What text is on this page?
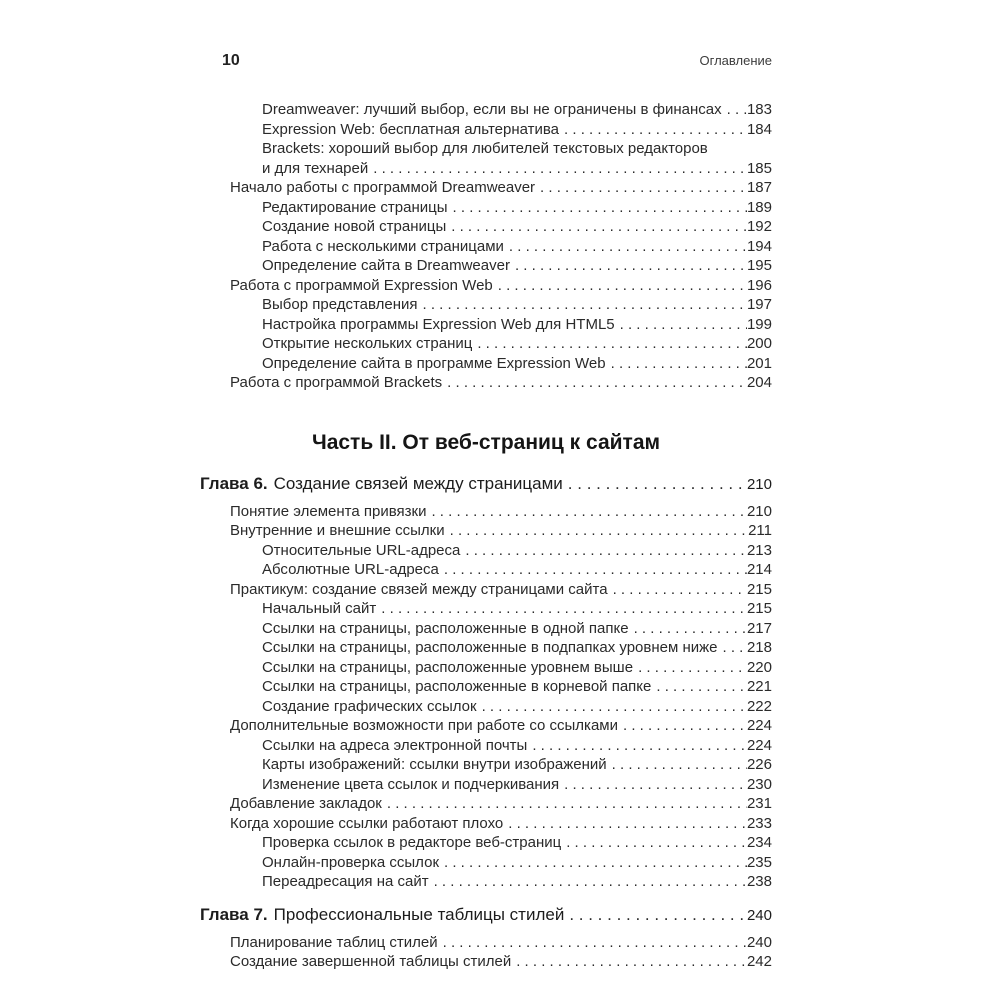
10	Оглавление
Dreamweaver: лучший выбор, если вы не ограничены в финансах . . . 183
Expression Web: бесплатная альтернатива . . .	184
Brackets: хороший выбор для любителей текстовых редакторов
и для технарей . . .	185
Начало работы с программой Dreamweaver . . .	187
Редактирование страницы . . .	189
Создание новой страницы . . .	192
Работа с несколькими страницами . . .	194
Определение сайта в Dreamweaver . . .	195
Работа с программой Expression Web . . .	196
Выбор представления . . .	197
Настройка программы Expression Web для HTML5 . . .	199
Открытие нескольких страниц . . .	200
Определение сайта в программе Expression Web . . .	201
Работа с программой Brackets . . .	204
Часть II. От веб-страниц к сайтам
Глава 6. Создание связей между страницами . . .	210
Понятие элемента привязки . . .	210
Внутренние и внешние ссылки . . .	211
Относительные URL-адреса . . .	213
Абсолютные URL-адреса . . .	214
Практикум: создание связей между страницами сайта . . .	215
Начальный сайт . . .	215
Ссылки на страницы, расположенные в одной папке . . .	217
Ссылки на страницы, расположенные в подпапках уровнем ниже . . . 218
Ссылки на страницы, расположенные уровнем выше . . .	220
Ссылки на страницы, расположенные в корневой папке . . .	221
Создание графических ссылок . . .	222
Дополнительные возможности при работе со ссылками . . .	224
Ссылки на адреса электронной почты . . .	224
Карты изображений: ссылки внутри изображений . . .	226
Изменение цвета ссылок и подчеркивания . . .	230
Добавление закладок . . .	231
Когда хорошие ссылки работают плохо . . .	233
Проверка ссылок в редакторе веб-страниц . . .	234
Онлайн-проверка ссылок . . .	235
Переадресация на сайт . . .	238
Глава 7. Профессиональные таблицы стилей . . .	240
Планирование таблиц стилей . . .	240
Создание завершенной таблицы стилей . . .	242
